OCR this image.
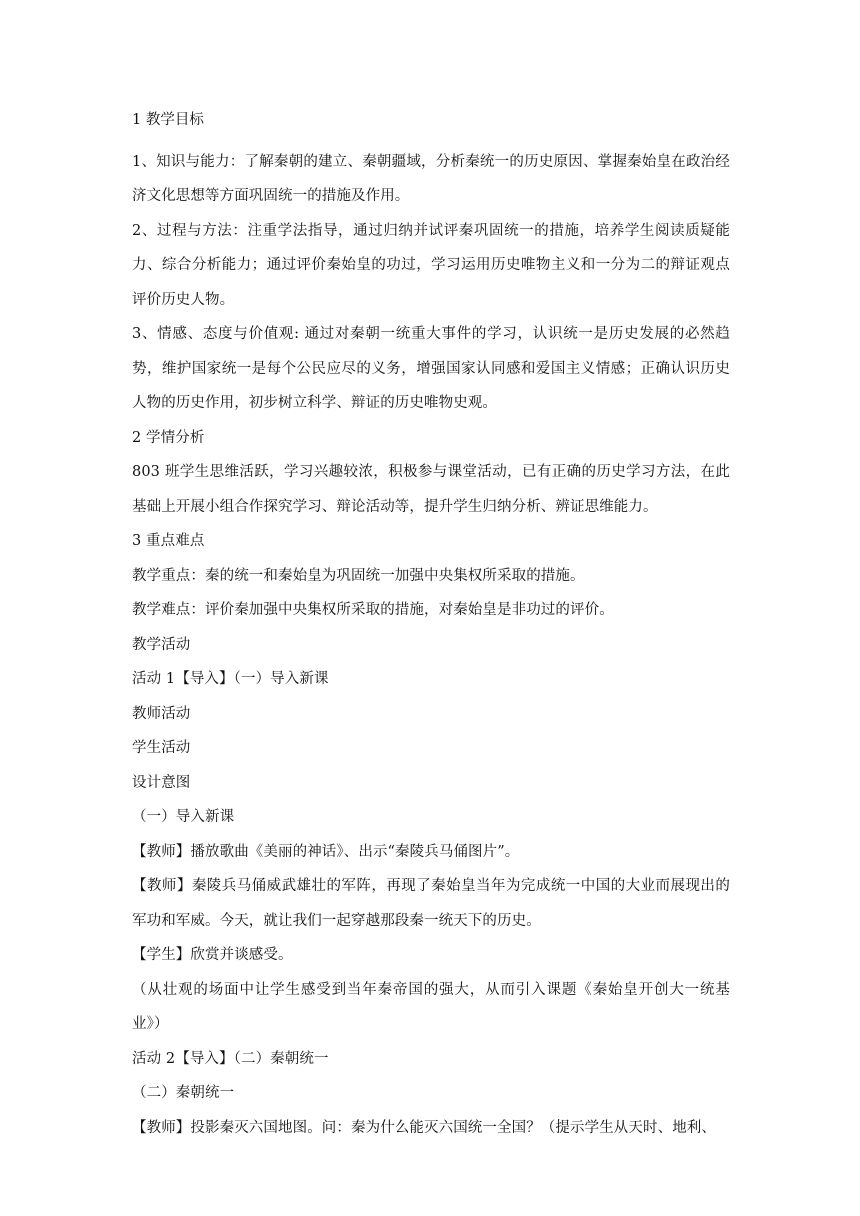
1 教学目标
1、知识与能力：了解秦朝的建立、秦朝疆域，分析秦统一的历史原因、掌握秦始皇在政治经济文化思想等方面巩固统一的措施及作用。
2、过程与方法：注重学法指导，通过归纳并试评秦巩固统一的措施，培养学生阅读质疑能力、综合分析能力；通过评价秦始皇的功过，学习运用历史唯物主义和一分为二的辩证观点评价历史人物。
3、情感、态度与价值观: 通过对秦朝一统重大事件的学习，认识统一是历史发展的必然趋势，维护国家统一是每个公民应尽的义务，增强国家认同感和爱国主义情感；正确认识历史人物的历史作用，初步树立科学、辩证的历史唯物史观。
2 学情分析
803 班学生思维活跃，学习兴趣较浓，积极参与课堂活动，已有正确的历史学习方法，在此基础上开展小组合作探究学习、辩论活动等，提升学生归纳分析、辨证思维能力。
3 重点难点
教学重点：秦的统一和秦始皇为巩固统一加强中央集权所采取的措施。
教学难点：评价秦加强中央集权所采取的措施，对秦始皇是非功过的评价。
教学活动
活动 1【导入】（一）导入新课
教师活动
学生活动
设计意图
（一）导入新课
【教师】播放歌曲《美丽的神话》、出示“秦陵兵马俑图片”。
【教师】秦陵兵马俑威武雄壮的军阵，再现了秦始皇当年为完成统一中国的大业而展现出的军功和军威。今天，就让我们一起穿越那段秦一统天下的历史。
【学生】欣赏并谈感受。
（从壮观的场面中让学生感受到当年秦帝国的强大，从而引入课题《秦始皇开创大一统基业》）
活动 2【导入】（二）秦朝统一
（二）秦朝统一
【教师】投影秦灭六国地图。问：秦为什么能灭六国统一全国？（提示学生从天时、地利、
